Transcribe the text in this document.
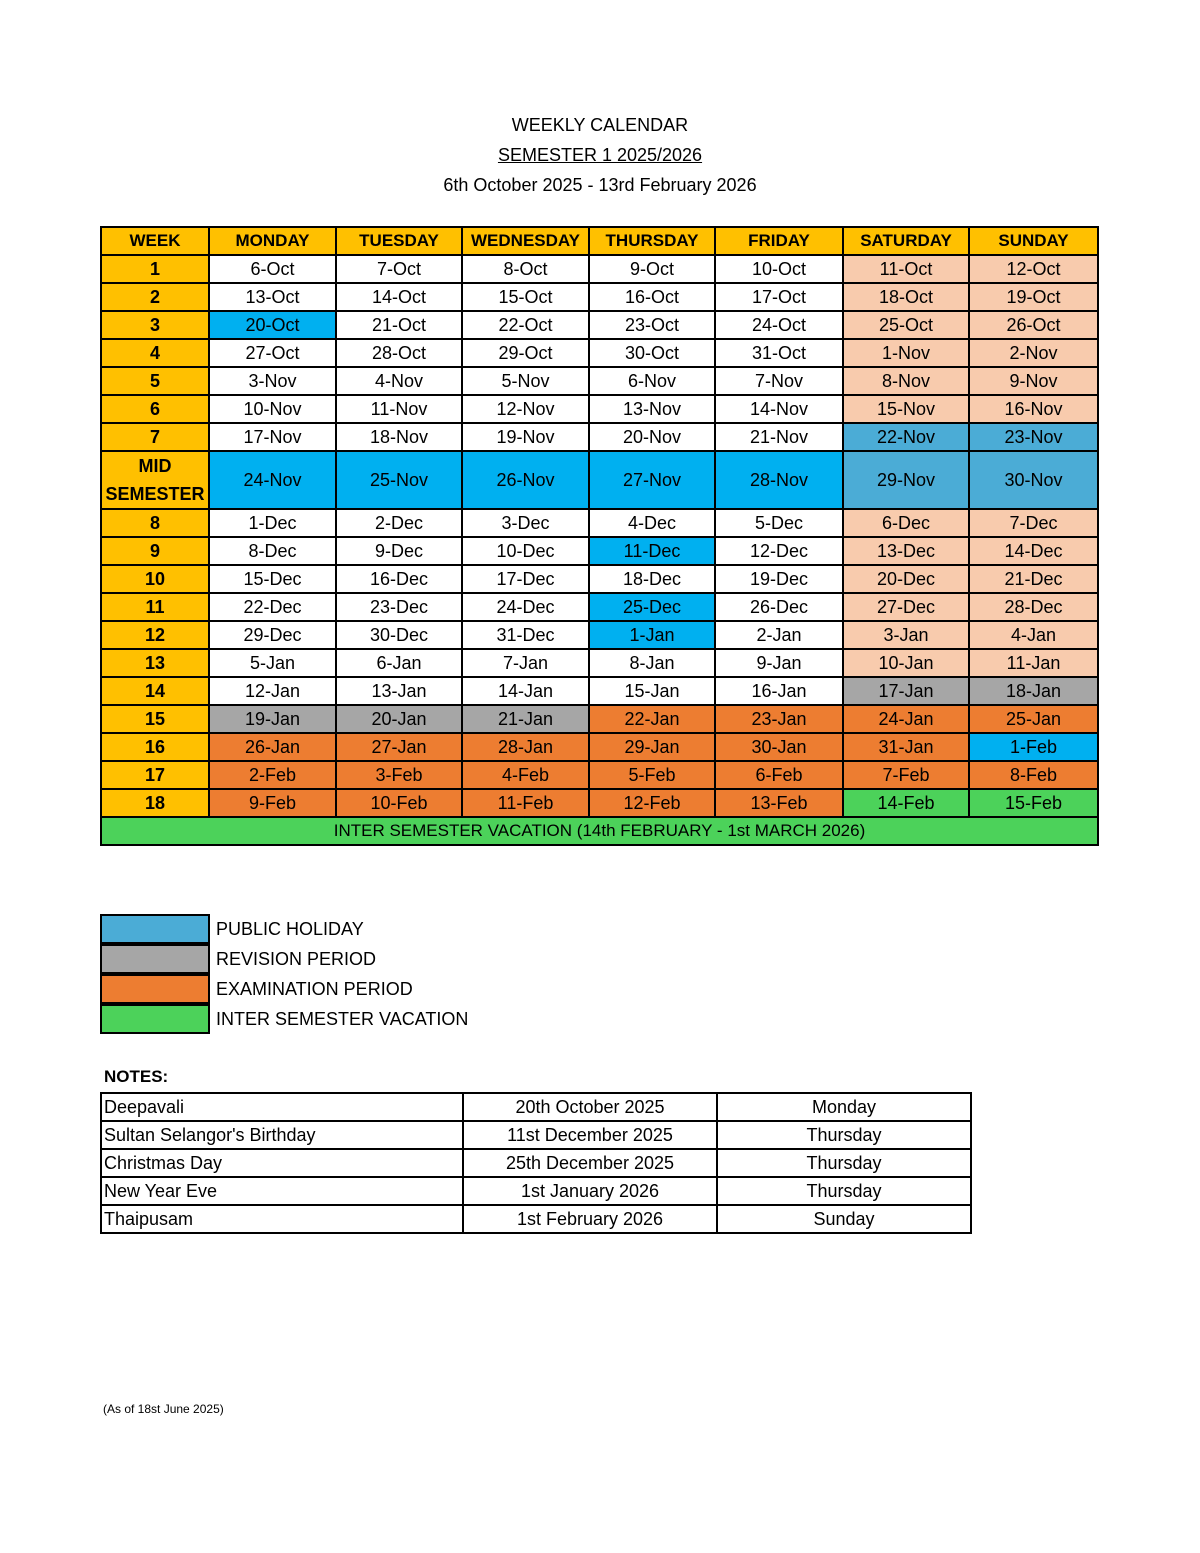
WEEKLY CALENDAR
SEMESTER 1 2025/2026
6th October 2025 - 13rd February 2026
WEEK	MONDAY	TUESDAY	WEDNESDAY	THURSDAY	FRIDAY	SATURDAY	SUNDAY
1	6-Oct	7-Oct	8-Oct	9-Oct	10-Oct	11-Oct	12-Oct
2	13-Oct	14-Oct	15-Oct	16-Oct	17-Oct	18-Oct	19-Oct
3	20-Oct	21-Oct	22-Oct	23-Oct	24-Oct	25-Oct	26-Oct
4	27-Oct	28-Oct	29-Oct	30-Oct	31-Oct	1-Nov	2-Nov
5	3-Nov	4-Nov	5-Nov	6-Nov	7-Nov	8-Nov	9-Nov
6	10-Nov	11-Nov	12-Nov	13-Nov	14-Nov	15-Nov	16-Nov
7	17-Nov	18-Nov	19-Nov	20-Nov	21-Nov	22-Nov	23-Nov
MID SEMESTER	24-Nov	25-Nov	26-Nov	27-Nov	28-Nov	29-Nov	30-Nov
8	1-Dec	2-Dec	3-Dec	4-Dec	5-Dec	6-Dec	7-Dec
9	8-Dec	9-Dec	10-Dec	11-Dec	12-Dec	13-Dec	14-Dec
10	15-Dec	16-Dec	17-Dec	18-Dec	19-Dec	20-Dec	21-Dec
11	22-Dec	23-Dec	24-Dec	25-Dec	26-Dec	27-Dec	28-Dec
12	29-Dec	30-Dec	31-Dec	1-Jan	2-Jan	3-Jan	4-Jan
13	5-Jan	6-Jan	7-Jan	8-Jan	9-Jan	10-Jan	11-Jan
14	12-Jan	13-Jan	14-Jan	15-Jan	16-Jan	17-Jan	18-Jan
15	19-Jan	20-Jan	21-Jan	22-Jan	23-Jan	24-Jan	25-Jan
16	26-Jan	27-Jan	28-Jan	29-Jan	30-Jan	31-Jan	1-Feb
17	2-Feb	3-Feb	4-Feb	5-Feb	6-Feb	7-Feb	8-Feb
18	9-Feb	10-Feb	11-Feb	12-Feb	13-Feb	14-Feb	15-Feb
INTER SEMESTER VACATION (14th FEBRUARY - 1st MARCH 2026)							
PUBLIC HOLIDAY
REVISION PERIOD
EXAMINATION PERIOD
INTER SEMESTER VACATION
NOTES:
Deepavali	20th October 2025	Monday
Sultan Selangor's Birthday	11st December 2025	Thursday
Christmas Day	25th December 2025	Thursday
New Year Eve	1st January 2026	Thursday
Thaipusam	1st February 2026	Sunday
(As of 18st June 2025)
